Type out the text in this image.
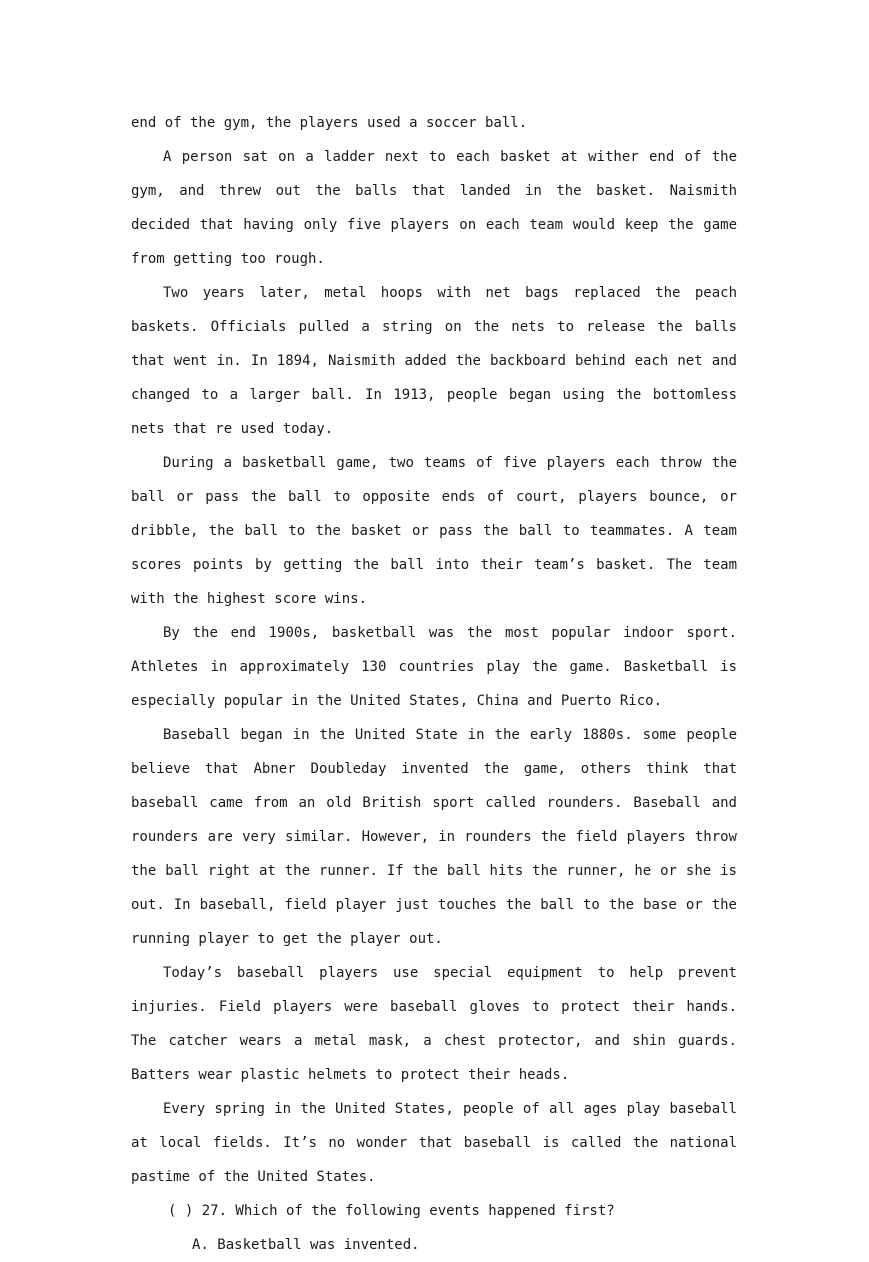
end of the gym, the players used a soccer ball.

A person sat on a ladder next to each basket at wither end of the gym, and threw out the balls that landed in the basket. Naismith decided that having only five players on each team would keep the game from getting too rough.

Two years later, metal hoops with net bags replaced the peach baskets. Officials pulled a string on the nets to release the balls that went in. In 1894, Naismith added the backboard behind each net and changed to a larger ball. In 1913, people began using the bottomless nets that re used today.

During a basketball game, two teams of five players each throw the ball or pass the ball to opposite ends of court, players bounce, or dribble, the ball to the basket or pass the ball to teammates. A team scores points by getting the ball into their team’s basket. The team with the highest score wins.

By the end 1900s, basketball was the most popular indoor sport. Athletes in approximately 130 countries play the game. Basketball is especially popular in the United States, China and Puerto Rico.

Baseball began in the United State in the early 1880s. some people believe that Abner Doubleday invented the game, others think that baseball came from an old British sport called rounders. Baseball and rounders are very similar. However, in rounders the field players throw the ball right at the runner. If the ball hits the runner, he or she is out. In baseball, field player just touches the ball to the base or the running player to get the player out.

Today’s baseball players use special equipment to help prevent injuries. Field players were baseball gloves to protect their hands. The catcher wears a metal mask, a chest protector, and shin guards. Batters wear plastic helmets to protect their heads.

Every spring in the United States, people of all ages play baseball at local fields. It’s no wonder that baseball is called the national pastime of the United States.

( ) 27. Which of the following events happened first?

A. Basketball was invented.
